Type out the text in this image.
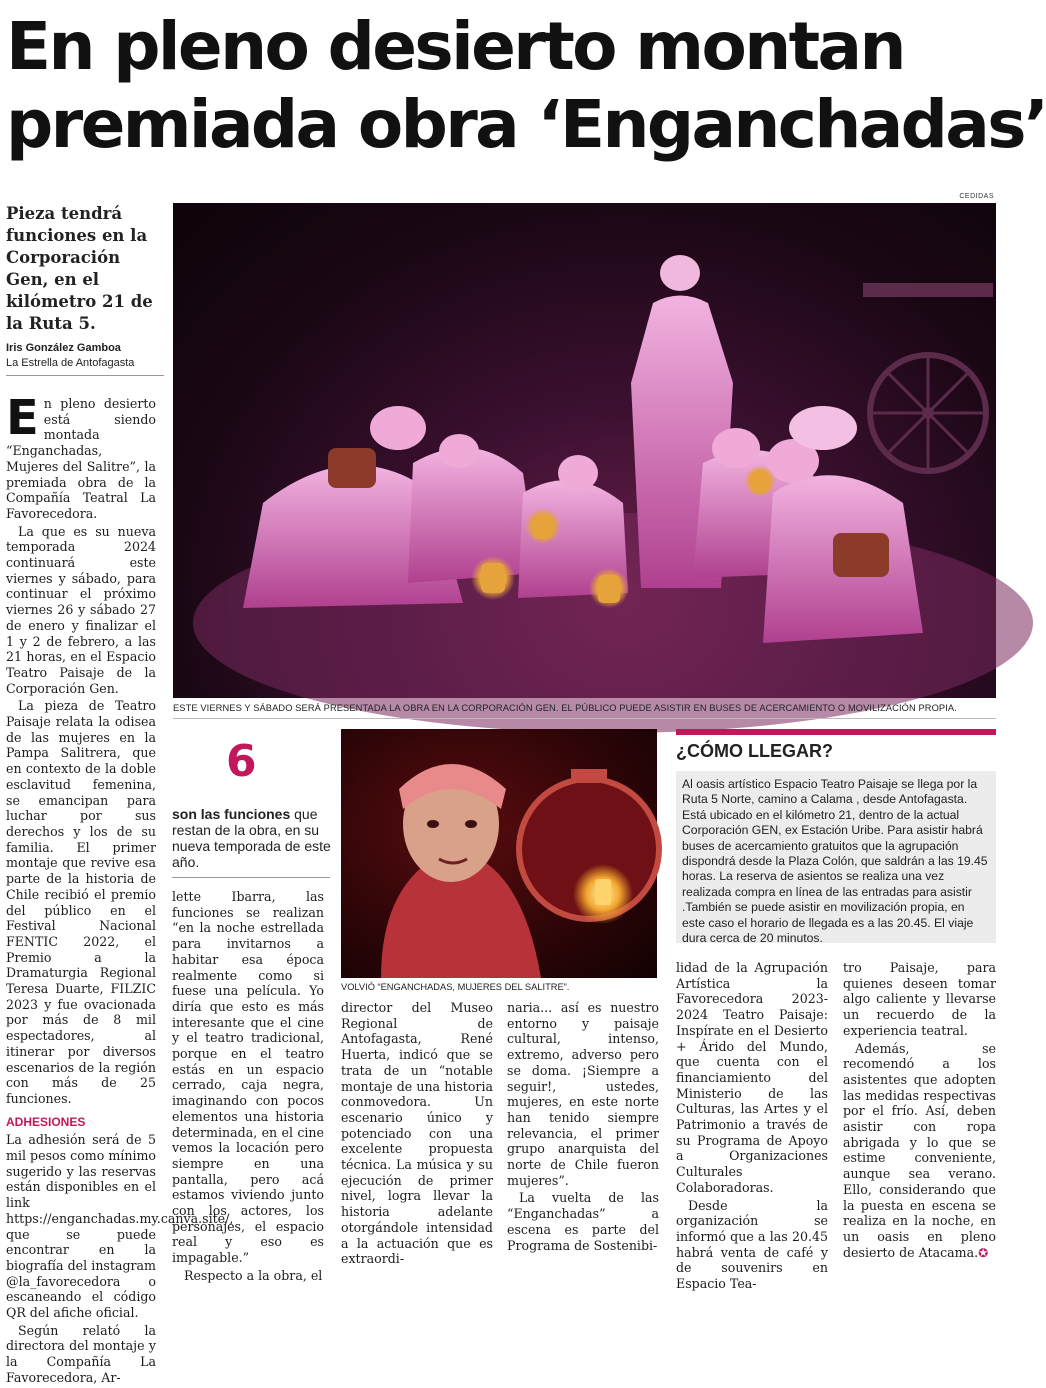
En pleno desierto montan
premiada obra ‘Enganchadas’
Pieza tendrá funciones en la Corporación Gen, en el kilómetro 21 de la Ruta 5.
Iris González Gamboa
La Estrella de Antofagasta
CEDIDAS
ESTE VIERNES Y SÁBADO SERÁ PRESENTADA LA OBRA EN LA CORPORACIÓN GEN. EL PÚBLICO PUEDE ASISTIR EN BUSES DE ACERCAMIENTO O MOVILIZACIÓN PROPIA.

En pleno desierto está siendo montada “Enganchadas, Mujeres del Salitre”, la premiada obra de la Compañía Teatral La Favorecedora.

La que es su nueva temporada 2024 continuará este viernes y sábado, para continuar el próximo viernes 26 y sábado 27 de enero y finalizar el 1 y 2 de febrero, a las 21 horas, en el Espacio Teatro Paisaje de la Corporación Gen.

La pieza de Teatro Paisaje relata la odisea de las mujeres en la Pampa Salitrera, que en contexto de la doble esclavitud femenina, se emancipan para luchar por sus derechos y los de su familia. El primer montaje que revive esa parte de la historia de Chile recibió el premio del público en el Festival Nacional FENTIC 2022, el Premio a la Dramaturgia Regional Teresa Duarte, FILZIC 2023 y fue ovacionada por más de 8 mil espectadores, al itinerar por diversos escenarios de la región con más de 25 funciones.

ADHESIONES

La adhesión será de 5 mil pesos como mínimo sugerido y las reservas están disponibles en el link https://enganchadas.my.canva.site/, que se puede encontrar en la biografía del instagram @la_favorecedora o escaneando el código QR del afiche oficial.

Según relató la directora del montaje y la Compañía La Favorecedora, Ar-

6
son las funciones que restan de la obra, en su nueva temporada de este año.

lette Ibarra, las funciones se realizan “en la noche estrellada para invitarnos a habitar esa época realmente como si fuese una película. Yo diría que esto es más interesante que el cine y el teatro tradicional, porque en el teatro estás en un espacio cerrado, caja negra, imaginando con pocos elementos una historia determinada, en el cine vemos la locación pero siempre en una pantalla, pero acá estamos viviendo junto con los actores, los personajes, el espacio real y eso es impagable.”

Respecto a la obra, el

VOLVIÓ “ENGANCHADAS, MUJERES DEL SALITRE”.

director del Museo Regional de Antofagasta, René Huerta, indicó que se trata de un “notable montaje de una historia conmovedora. Un escenario único y potenciado con una excelente propuesta técnica. La música y su ejecución de primer nivel, logra llevar la historia adelante otorgándole intensidad a la actuación que es extraordi-

naria... así es nuestro entorno y paisaje cultural, intenso, extremo, adverso pero se doma. ¡Siempre a seguir!, ustedes, mujeres, en este norte han tenido siempre relevancia, el primer grupo anarquista del norte de Chile fueron mujeres”.

La vuelta de las “Enganchadas” a escena es parte del Programa de Sostenibi-

¿CÓMO LLEGAR?
Al oasis artístico Espacio Teatro Paisaje se llega por la Ruta 5 Norte, camino a Calama , desde Antofagasta. Está ubicado en el kilómetro 21, dentro de la actual Corporación GEN, ex Estación Uribe. Para asistir habrá buses de acercamiento gratuitos que la agrupación dispondrá desde la Plaza Colón, que saldrán a las 19.45 horas. La reserva de asientos se realiza una vez realizada compra en línea de las entradas para asistir .También se puede asistir en movilización propia, en este caso el horario de llegada es a las 20.45. El viaje dura cerca de 20 minutos.

lidad de la Agrupación Artística la Favorecedora 2023-2024 Teatro Paisaje: Inspírate en el Desierto + Árido del Mundo, que cuenta con el financiamiento del Ministerio de las Culturas, las Artes y el Patrimonio a través de su Programa de Apoyo a Organizaciones Culturales Colaboradoras.

Desde la organización se informó que a las 20.45 habrá venta de café y de souvenirs en Espacio Tea-

tro Paisaje, para quienes deseen tomar algo caliente y llevarse un recuerdo de la experiencia teatral.

Además, se recomendó a los asistentes que adopten las medidas respectivas por el frío. Así, deben asistir con ropa abrigada y lo que se estime conveniente, aunque sea verano. Ello, considerando que la puesta en escena se realiza en la noche, en un oasis en pleno desierto de Atacama.✪
